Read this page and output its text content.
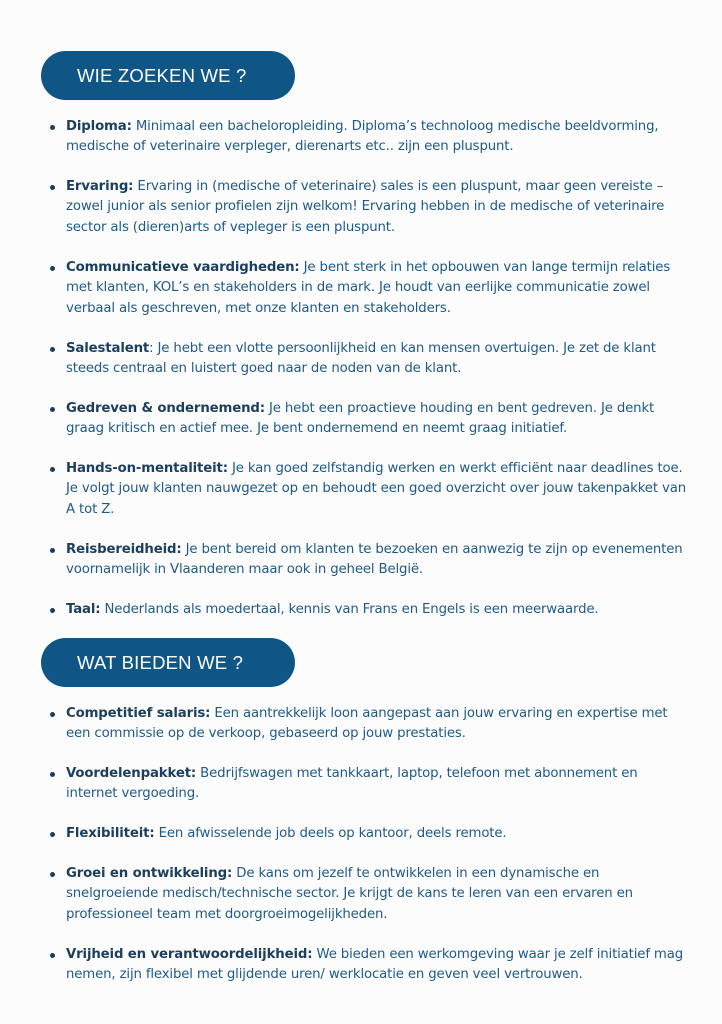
WIE ZOEKEN WE ?
Diploma: Minimaal een bacheloropleiding. Diploma’s technoloog medische beeldvorming, medische of veterinaire verpleger, dierenarts etc.. zijn een pluspunt.
Ervaring: Ervaring in (medische of veterinaire) sales is een pluspunt, maar geen vereiste – zowel junior als senior profielen zijn welkom! Ervaring hebben in de medische of veterinaire sector als (dieren)arts of vepleger is een pluspunt.
Communicatieve vaardigheden: Je bent sterk in het opbouwen van lange termijn relaties met klanten, KOL’s en stakeholders in de mark. Je houdt van eerlijke communicatie zowel verbaal als geschreven, met onze klanten en stakeholders.
Salestalent: Je hebt een vlotte persoonlijkheid en kan mensen overtuigen. Je zet de klant steeds centraal en luistert goed naar de noden van de klant.
Gedreven & ondernemend: Je hebt een proactieve houding en bent gedreven. Je denkt graag kritisch en actief mee. Je bent ondernemend en neemt graag initiatief.
Hands-on-mentaliteit: Je kan goed zelfstandig werken en werkt efficiënt naar deadlines toe. Je volgt jouw klanten nauwgezet op en behoudt een goed overzicht over jouw takenpakket van A tot Z.
Reisbereidheid: Je bent bereid om klanten te bezoeken en aanwezig te zijn op evenementen voornamelijk in Vlaanderen maar ook in geheel België.
Taal: Nederlands als moedertaal, kennis van Frans en Engels is een meerwaarde.
WAT BIEDEN WE ?
Competitief salaris: Een aantrekkelijk loon aangepast aan jouw ervaring en expertise met een commissie op de verkoop, gebaseerd op jouw prestaties.
Voordelenpakket: Bedrijfswagen met tankkaart, laptop, telefoon met abonnement en internet vergoeding.
Flexibiliteit: Een afwisselende job deels op kantoor, deels remote.
Groei en ontwikkeling: De kans om jezelf te ontwikkelen in een dynamische en snelgroeiende medisch/technische sector. Je krijgt de kans te leren van een ervaren en professioneel team met doorgroeimogelijkheden.
Vrijheid en verantwoordelijkheid: We bieden een werkomgeving waar je zelf initiatief mag nemen, zijn flexibel met glijdende uren/ werklocatie en geven veel vertrouwen.
